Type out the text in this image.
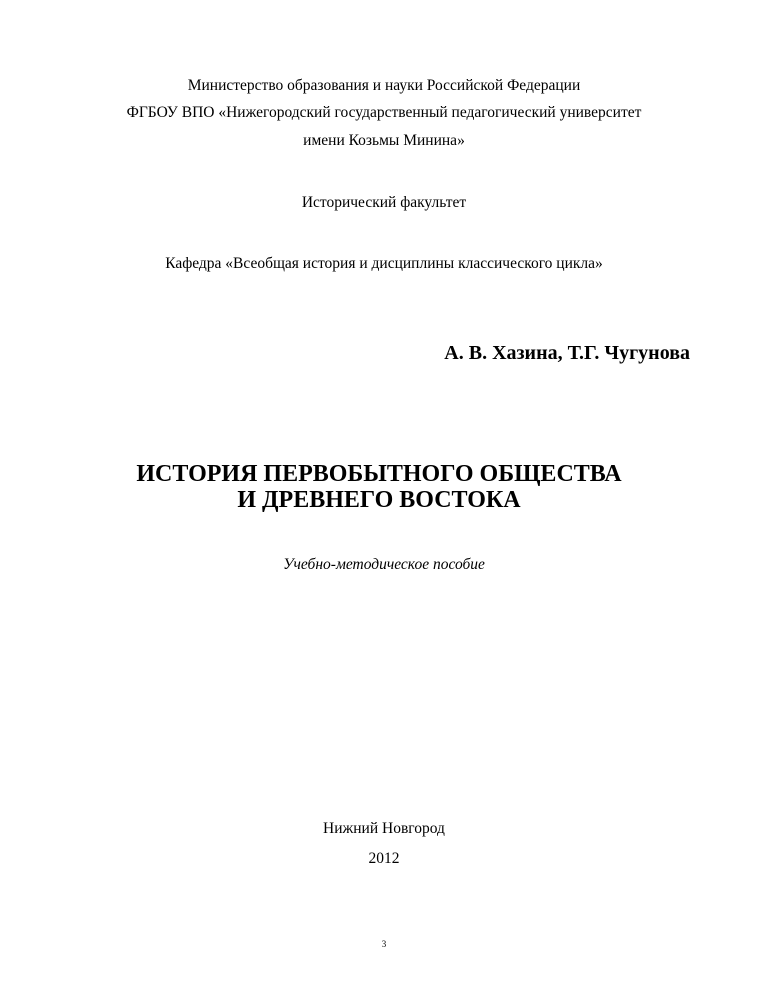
Министерство образования и науки Российской Федерации
ФГБОУ ВПО «Нижегородский государственный педагогический университет
имени Козьмы Минина»
Исторический факультет
Кафедра «Всеобщая история и дисциплины классического цикла»
А. В. Хазина, Т.Г. Чугунова
ИСТОРИЯ ПЕРВОБЫТНОГО ОБЩЕСТВА
И ДРЕВНЕГО ВОСТОКА
Учебно-методическое пособие
Нижний Новгород
2012
3
